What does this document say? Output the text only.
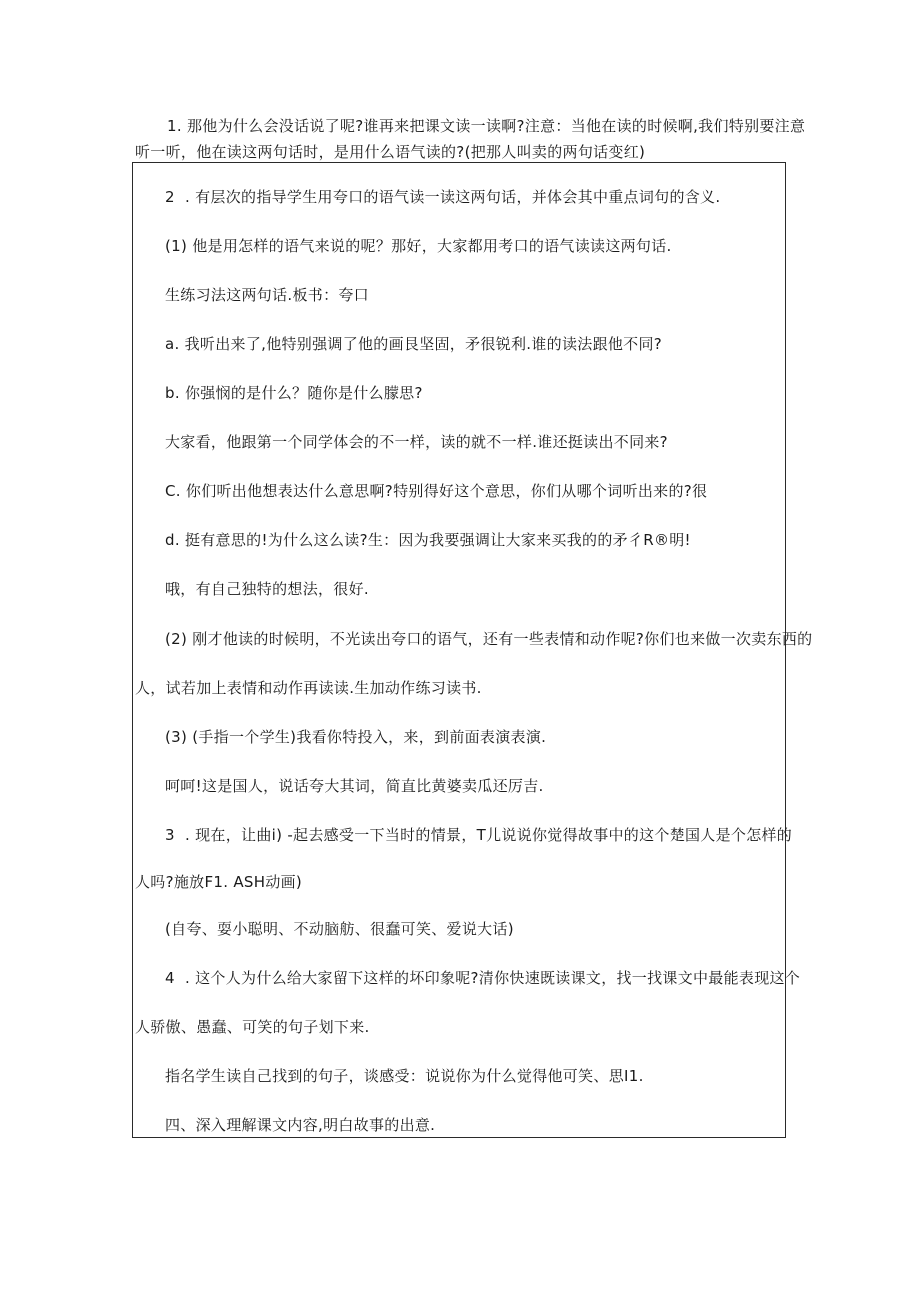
1. 那他为什么会没话说了呢?谁再来把课文读一读啊?注意：当他在读的时候啊,我们特别要注意
听一听，他在读这两句话时，是用什么语气读的?(把那人叫卖的两句话变红)
2 . 有层次的指导学生用夸口的语气读一读这两句话，并体会其中重点词句的含义.
(1) 他是用怎样的语气来说的呢？那好，大家都用考口的语气读读这两句话.
生练习法这两句话.板书：夸口
a. 我听出来了,他特别强调了他的画艮坚固，矛很锐利.谁的读法跟他不同?
b. 你强悯的是什么？随你是什么朦思?
大家看，他跟第一个同学体会的不一样，读的就不一样.谁还挺读出不同来?
C. 你们听出他想表达什么意思啊?特别得好这个意思，你们从哪个词听出来的?很
d. 挺有意思的!为什么这么读?生：因为我要强调让大家来买我的的矛彳R®明!
哦，有自己独特的想法，很好.
(2) 刚才他读的时候明，不光读出夸口的语气，还有一些表情和动作呢?你们也来做一次卖东西的
人，试若加上表情和动作再读读.生加动作练习读书.
(3) (手指一个学生)我看你特投入，来，到前面表演表演.
呵呵!这是国人，说话夸大其词，简直比黄婆卖瓜还厉吉.
3 . 现在，让曲i) -起去感受一下当时的情景，T儿说说你觉得故事中的这个楚国人是个怎样的
人吗?施放F1. ASH动画)
(自夸、耍小聪明、不动脑舫、很蠢可笑、爱说大话)
4 . 这个人为什么给大家留下这样的坏印象呢?清你快速既读课文，找一找课文中最能表现这个
人骄傲、愚蠢、可笑的句子划下来.
指名学生读自己找到的句子，谈感受：说说你为什么觉得他可笑、思I1.
四、深入理解课文内容,明白故事的出意.
